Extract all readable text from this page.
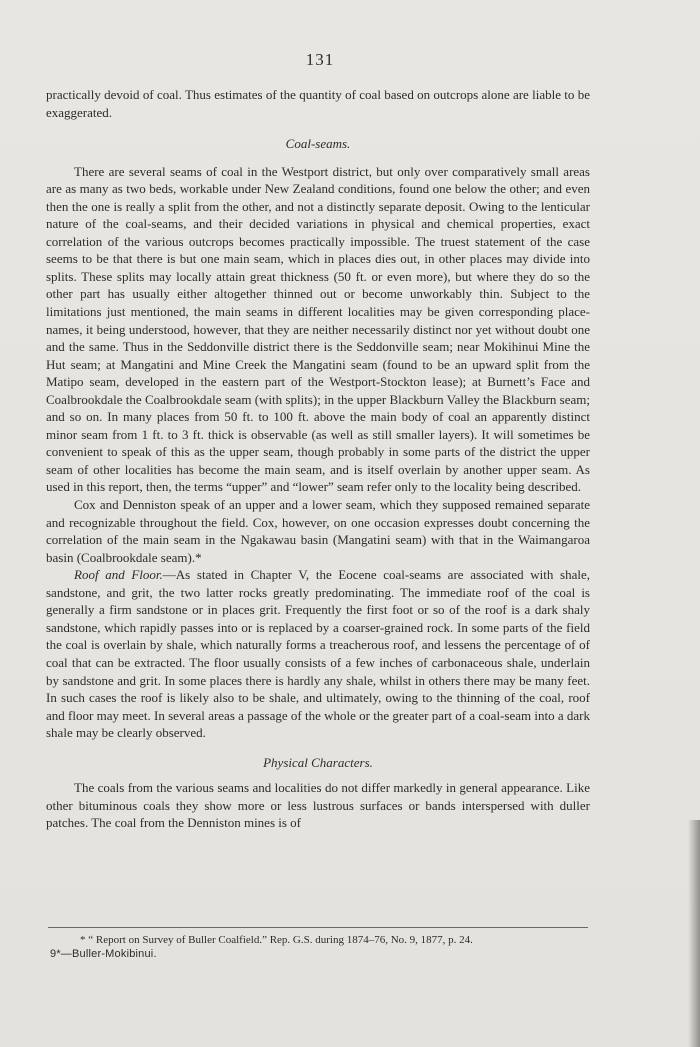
131

practically devoid of coal. Thus estimates of the quantity of coal based on outcrops alone are liable to be exaggerated.

Coal-seams.

There are several seams of coal in the Westport district, but only over comparatively small areas are as many as two beds, workable under New Zealand conditions, found one below the other; and even then the one is really a split from the other, and not a distinctly separate deposit. Owing to the lenticular nature of the coal-seams, and their decided variations in physical and chemical properties, exact correlation of the various outcrops becomes practically impossible. The truest statement of the case seems to be that there is but one main seam, which in places dies out, in other places may divide into splits. These splits may locally attain great thickness (50 ft. or even more), but where they do so the other part has usually either altogether thinned out or become unworkably thin. Subject to the limitations just mentioned, the main seams in different localities may be given corresponding place-names, it being understood, however, that they are neither necessarily distinct nor yet without doubt one and the same. Thus in the Seddonville district there is the Seddonville seam; near Mokihinui Mine the Hut seam; at Mangatini and Mine Creek the Mangatini seam (found to be an upward split from the Matipo seam, developed in the eastern part of the Westport-Stockton lease); at Burnett’s Face and Coalbrookdale the Coalbrookdale seam (with splits); in the upper Blackburn Valley the Blackburn seam; and so on. In many places from 50 ft. to 100 ft. above the main body of coal an apparently distinct minor seam from 1 ft. to 3 ft. thick is observable (as well as still smaller layers). It will sometimes be convenient to speak of this as the upper seam, though probably in some parts of the district the upper seam of other localities has become the main seam, and is itself overlain by another upper seam. As used in this report, then, the terms “upper” and “lower” seam refer only to the locality being described.

Cox and Denniston speak of an upper and a lower seam, which they supposed remained separate and recognizable throughout the field. Cox, however, on one occasion expresses doubt concerning the correlation of the main seam in the Ngakawau basin (Mangatini seam) with that in the Waimangaroa basin (Coalbrookdale seam).*

Roof and Floor.—As stated in Chapter V, the Eocene coal-seams are associated with shale, sandstone, and grit, the two latter rocks greatly predominating. The immediate roof of the coal is generally a firm sandstone or in places grit. Frequently the first foot or so of the roof is a dark shaly sandstone, which rapidly passes into or is replaced by a coarser-grained rock. In some parts of the field the coal is overlain by shale, which naturally forms a treacherous roof, and lessens the percentage of of coal that can be extracted. The floor usually consists of a few inches of carbonaceous shale, underlain by sandstone and grit. In some places there is hardly any shale, whilst in others there may be many feet. In such cases the roof is likely also to be shale, and ultimately, owing to the thinning of the coal, roof and floor may meet. In several areas a passage of the whole or the greater part of a coal-seam into a dark shale may be clearly observed.

Physical Characters.

The coals from the various seams and localities do not differ markedly in general appearance. Like other bituminous coals they show more or less lustrous surfaces or bands interspersed with duller patches. The coal from the Denniston mines is of

* “ Report on Survey of Buller Coalfield.” Rep. G.S. during 1874–76, No. 9, 1877, p. 24.
9*—Buller-Mokibinui.
